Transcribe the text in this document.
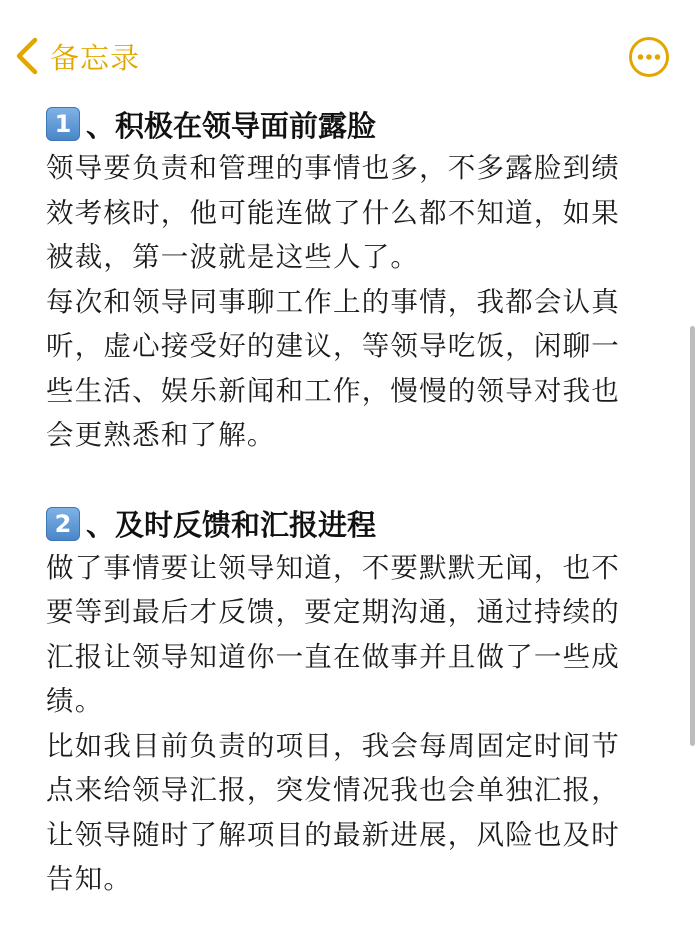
备忘录
1 、积极在领导面前露脸

领导要负责和管理的事情也多，不多露脸到绩效考核时，他可能连做了什么都不知道，如果被裁，第一波就是这些人了。

每次和领导同事聊工作上的事情，我都会认真听，虚心接受好的建议，等领导吃饭，闲聊一些生活、娱乐新闻和工作，慢慢的领导对我也会更熟悉和了解。

2 、及时反馈和汇报进程

做了事情要让领导知道，不要默默无闻，也不要等到最后才反馈，要定期沟通，通过持续的汇报让领导知道你一直在做事并且做了一些成绩。

比如我目前负责的项目，我会每周固定时间节点来给领导汇报，突发情况我也会单独汇报，让领导随时了解项目的最新进展，风险也及时告知。
